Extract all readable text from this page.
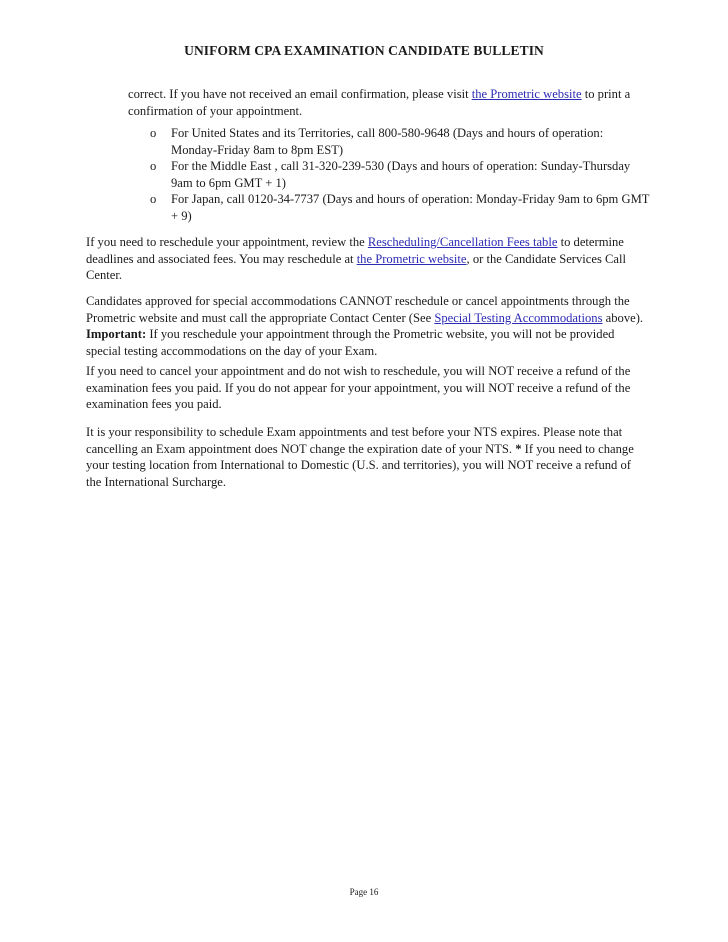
UNIFORM CPA EXAMINATION CANDIDATE BULLETIN
correct. If you have not received an email confirmation, please visit the Prometric website to print a confirmation of your appointment.
o For United States and its Territories, call 800-580-9648 (Days and hours of operation: Monday-Friday 8am to 8pm EST)
o For the Middle East , call 31-320-239-530 (Days and hours of operation: Sunday-Thursday 9am to 6pm GMT + 1)
o For Japan, call 0120-34-7737 (Days and hours of operation: Monday-Friday 9am to 6pm GMT + 9)

If you need to reschedule your appointment, review the Rescheduling/Cancellation Fees table to determine deadlines and associated fees. You may reschedule at the Prometric website, or the Candidate Services Call Center.

Candidates approved for special accommodations CANNOT reschedule or cancel appointments through the Prometric website and must call the appropriate Contact Center (See Special Testing Accommodations above). Important: If you reschedule your appointment through the Prometric website, you will not be provided special testing accommodations on the day of your Exam.

If you need to cancel your appointment and do not wish to reschedule, you will NOT receive a refund of the examination fees you paid. If you do not appear for your appointment, you will NOT receive a refund of the examination fees you paid.

It is your responsibility to schedule Exam appointments and test before your NTS expires. Please note that cancelling an Exam appointment does NOT change the expiration date of your NTS. * If you need to change your testing location from International to Domestic (U.S. and territories), you will NOT receive a refund of the International Surcharge.

Page 16
